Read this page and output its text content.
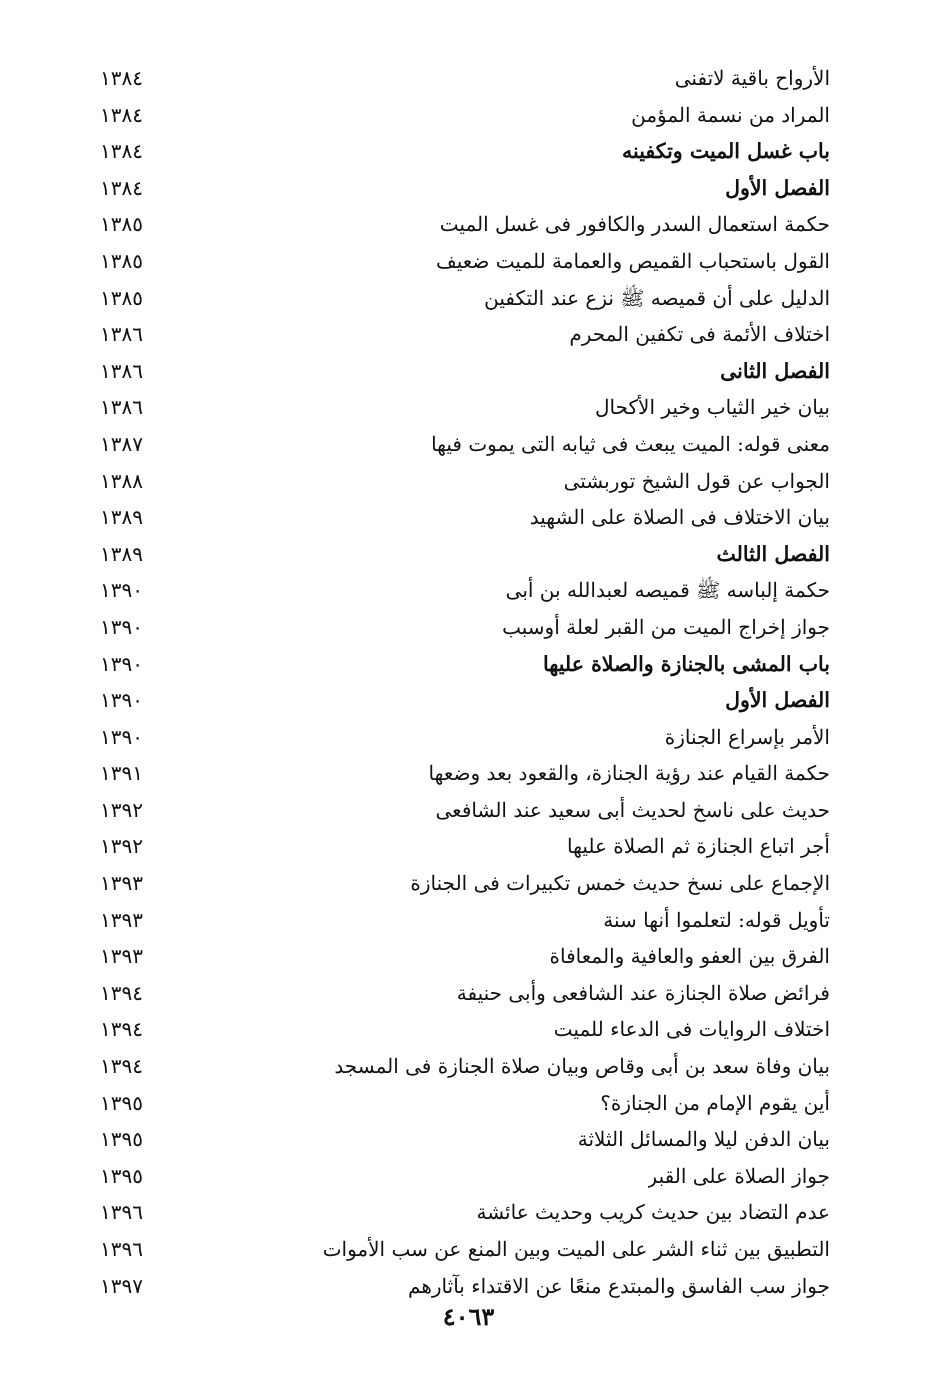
الأرواح باقية لاتفنى
١٣٨٤
المراد من نسمة المؤمن
١٣٨٤
باب غسل الميت وتكفينه
١٣٨٤
الفصل الأول
١٣٨٤
حكمة استعمال السدر والكافور فى غسل الميت
١٣٨٥
القول باستحباب القميص والعمامة للميت ضعيف
١٣٨٥
الدليل على أن قميصه ﷺ نزع عند التكفين
١٣٨٥
اختلاف الأئمة فى تكفين المحرم
١٣٨٦
الفصل الثانى
١٣٨٦
بيان خير الثياب وخير الأكحال
١٣٨٦
معنى قوله: الميت يبعث فى ثيابه التى يموت فيها
١٣٨٧
الجواب عن قول الشيخ توربشتى
١٣٨٨
بيان الاختلاف فى الصلاة على الشهيد
١٣٨٩
الفصل الثالث
١٣٨٩
حكمة إلباسه ﷺ قميصه لعبدالله بن أبى
١٣٩٠
جواز إخراج الميت من القبر لعلة أوسبب
١٣٩٠
باب المشى بالجنازة والصلاة عليها
١٣٩٠
الفصل الأول
١٣٩٠
الأمر بإسراع الجنازة
١٣٩٠
حكمة القيام عند رؤية الجنازة، والقعود بعد وضعها
١٣٩١
حديث على ناسخ لحديث أبى سعيد عند الشافعى
١٣٩٢
أجر اتباع الجنازة ثم الصلاة عليها
١٣٩٢
الإجماع على نسخ حديث خمس تكبيرات فى الجنازة
١٣٩٣
تأويل قوله: لتعلموا أنها سنة
١٣٩٣
الفرق بين العفو والعافية والمعافاة
١٣٩٣
فرائض صلاة الجنازة عند الشافعى وأبى حنيفة
١٣٩٤
اختلاف الروايات فى الدعاء للميت
١٣٩٤
بيان وفاة سعد بن أبى وقاص وبيان صلاة الجنازة فى المسجد
١٣٩٤
أين يقوم الإمام من الجنازة؟
١٣٩٥
بيان الدفن ليلا والمسائل الثلاثة
١٣٩٥
جواز الصلاة على القبر
١٣٩٥
عدم التضاد بين حديث كريب وحديث عائشة
١٣٩٦
التطبيق بين ثناء الشر على الميت وبين المنع عن سب الأموات
١٣٩٦
جواز سب الفاسق والمبتدع منعًا عن الاقتداء بآثارهم
١٣٩٧
٤٠٦٣
